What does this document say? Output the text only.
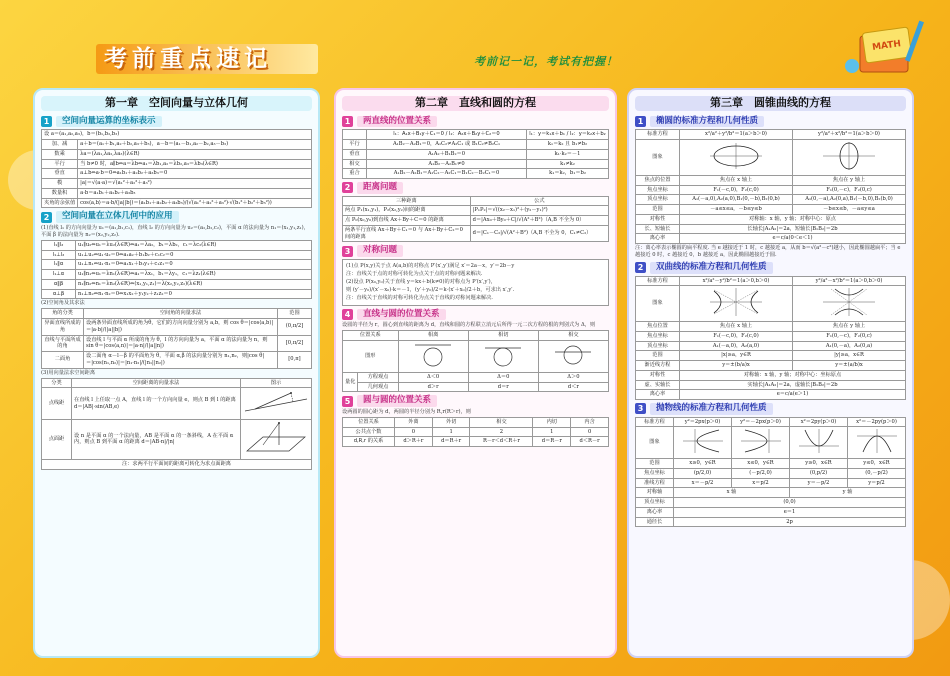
考前重点速记	考前记一记，考试有把握！
MATH
第一章　空间向量与立体几何
1	空间向量运算的坐标表示
设 a＝(a₁,a₂,a₃)，b＝(b₁,b₂,b₃)	
加、减	a＋b＝(a₁＋b₁,a₂＋b₂,a₃＋b₃)，a－b＝(a₁－b₁,a₂－b₂,a₃－b₃)
数乘	λa＝(λa₁,λa₂,λa₃)(λ∈R)
平行	当 b≠0 时，a∥b⇔a＝λb⇔a₁＝λb₁,a₂＝λb₂,a₃＝λb₃(λ∈R)
垂直	a⊥b⇔a·b＝0⇔a₁b₁＋a₂b₂＋a₃b₃＝0
模	|a|＝√(a·a)＝√(a₁²＋a₂²＋a₃²)
数量积	a·b＝a₁b₁＋a₂b₂＋a₃b₃
夹角的余弦值	cos⟨a,b⟩＝a·b/(|a||b|)＝(a₁b₁＋a₂b₂＋a₃b₃)/(√(a₁²＋a₂²＋a₃²)·√(b₁²＋b₂²＋b₃²))
2	空间向量在立体几何中的应用
(1)直线 l₁ 的方向向量为 u₁＝(a₁,b₁,c₁)，直线 l₂ 的方向向量为 u₂＝(a₂,b₂,c₂)，平面 α 的法向量为 n₁＝(x₁,y₁,z₁)，平面 β 的法向量为 n₂＝(x₂,y₂,z₂).
l₁∥l₂	u₁∥u₂⇔u₁＝λu₂(λ∈R)⇔a₁＝λa₂，b₁＝λb₂，c₁＝λc₂(λ∈R)
l₁⊥l₂	u₁⊥u₂⇔u₁·u₂＝0⇔a₁a₂＋b₁b₂＋c₁c₂＝0
l₁∥α	u₁⊥n₁⇔u₁·n₁＝0⇔a₁x₁＋b₁y₁＋c₁z₁＝0
l₁⊥α	u₁∥n₁⇔u₁＝λn₁(λ∈R)⇔a₁＝λx₁，b₁＝λy₁，c₁＝λz₁(λ∈R)
α∥β	n₁∥n₂⇔n₁＝λn₂(λ∈R)⇔(x₁,y₁,z₁)＝λ(x₂,y₂,z₂)(λ∈R)
α⊥β	n₁⊥n₂⇔n₁·n₂＝0⇔x₁x₂＋y₁y₂＋z₁z₂＝0
(2)空间角及其求法
角的分类	空间角的向量求法	范围
异面直线所成的角	设两条异面直线所成的角为θ，它们的方向向量分别为 a,b，则 cos θ＝|cos⟨a,b⟩|＝|a·b|/(|a||b|)	(0,π/2]
直线与平面所成的角	设直线 l 与平面 α 所成的角为 θ，l 的方向向量为 a，平面 α 的法向量为 n，则 sin θ＝|cos⟨a,n⟩|＝|a·n|/(|a||n|)	[0,π/2]
二面角	设二面角 α－l－β 的平面角为 θ，平面 α,β 的法向量分别为 n₁,n₂，则|cos θ|＝|cos⟨n₁,n₂⟩|＝|n₁·n₂|/(|n₁||n₂|)	[0,π]
(3)用向量法求空间距离
分类	空间距离的向量求法	图示
点线距	在直线 l 上任取一点 A，直线 l 的一个方向向量 e，则点 B 到 l 的距离 d＝|AB|·sin⟨AB,e⟩	
点面距	设 n 是平面 α 的一个法向量，AB 是平面 α 的一条斜线，A 在平面 α 内，则点 B 到平面 α 的距离 d＝|AB·n|/|n|	
注：求两平行平面间的距离可转化为求点面距离		
第二章　直线和圆的方程
1	两直线的位置关系
	l₁：A₁x＋B₁y＋C₁＝0 / l₂：A₂x＋B₂y＋C₂＝0	l₁：y＝k₁x＋b₁ / l₂：y＝k₂x＋b₂
平行	A₁B₂－A₂B₁＝0，A₁C₂≠A₂C₁ 或 B₁C₂≠B₂C₁	k₁＝k₂ 且 b₁≠b₂
垂直	A₁A₂＋B₁B₂＝0	k₁·k₂＝－1
相交	A₁B₂－A₂B₁≠0	k₁≠k₂
重合	A₁B₂－A₂B₁＝A₁C₂－A₂C₁＝B₁C₂－B₂C₁＝0	k₁＝k₂，b₁＝b₂
2	距离问题
三种距离	公式
两点 P₁(x₁,y₁)，P₂(x₂,y₂)间的距离	|P₁P₂|＝√((x₂－x₁)²＋(y₂－y₁)²)
点 P₀(x₀,y₀)到直线 Ax＋By＋C＝0 的距离	d＝|Ax₀＋By₀＋C|/√(A²＋B²)（A,B 不全为 0）
两条平行直线 Ax＋By＋C₁＝0 与 Ax＋By＋C₂＝0 间的距离	d＝|C₁－C₂|/√(A²＋B²)（A,B 不全为 0，C₁≠C₂）
3	对称问题
(1)点 P(x,y)关于点 A(a,b)的对称点 P′(x′,y′)满足 x′＝2a－x，y′＝2b－y
注：直线关于点的对称可转化为点关于点的对称问题来解决.
(2)设点 P(x₀,y₀)关于直线 y＝kx＋b(k≠0)的对称点为 P′(x′,y′)，
则 (y′－y₀)/(x′－x₀)·k＝－1，(y′＋y₀)/2＝k·(x′＋x₀)/2＋b，可求出 x′,y′.
注：直线关于直线的对称可转化为点关于直线的对称问题来解决.
4	直线与圆的位置关系
设圆的半径为 r，圆心到直线的距离为 d，直线和圆的方程联立消元后所得一元二次方程的根的判别式为 Δ，则
位置关系		相离	相切	相交
图形			
量化	方程观点	Δ＜0	Δ＝0	Δ＞0
	几何观点	d＞r	d＝r	d＜r
5	圆与圆的位置关系
设两圆的圆心距为 d，两圆的半径分别为 R,r(R＞r)，则
位置关系	外离	外切	相交	内切	内含
公共点个数	0	1	2	1	0
d,R,r 的关系	d＞R＋r	d＝R＋r	R－r＜d＜R＋r	d＝R－r	d＜R－r
第三章　圆锥曲线的方程
1	椭圆的标准方程和几何性质
标准方程	x²/a²＋y²/b²＝1(a＞b＞0)	y²/a²＋x²/b²＝1(a＞b＞0)
图象		
焦点的位置	焦点在 x 轴上	焦点在 y 轴上
焦点坐标	F₁(－c,0)，F₂(c,0)	F₁(0,－c)，F₂(0,c)
顶点坐标	A₁(－a,0),A₂(a,0),B₁(0,－b),B₂(0,b)	A₁(0,－a),A₂(0,a),B₁(－b,0),B₂(b,0)
范围	－a≤x≤a，－b≤y≤b	－b≤x≤b，－a≤y≤a
对称性	对称轴：x 轴，y 轴；对称中心：原点	
长、短轴长	长轴长|A₁A₂|＝2a，短轴长|B₁B₂|＝2b	
离心率	e＝c/a(0＜e＜1)	
注：离心率表示椭圆的扁平程度. 当 e 越接近于 1 时，c 越接近 a，从而 b＝√(a²－c²)越小，因此椭圆越扁平；当 e 越接近 0 时，c 越接近 0，b 越接近 a，因此椭圆越接近于圆.
2	双曲线的标准方程和几何性质
标准方程	x²/a²－y²/b²＝1(a＞0,b＞0)	y²/a²－x²/b²＝1(a＞0,b＞0)
图象		
焦点位置	焦点在 x 轴上	焦点在 y 轴上
焦点坐标	F₁(－c,0)，F₂(c,0)	F₁(0,－c)，F₂(0,c)
顶点坐标	A₁(－a,0)，A₂(a,0)	A₁(0,－a)，A₂(0,a)
范围	|x|≥a，y∈R	|y|≥a，x∈R
渐近线方程	y＝±(b/a)x	y＝±(a/b)x
对称性	对称轴：x 轴，y 轴；对称中心：坐标原点	
虚、实轴长	实轴长|A₁A₂|＝2a，虚轴长|B₁B₂|＝2b	
离心率	e＝c/a(e＞1)	
3	抛物线的标准方程和几何性质
标准方程	y²＝2px(p＞0)	y²＝－2px(p＞0)	x²＝2py(p＞0)	x²＝－2py(p＞0)
图象				
范围	x≥0，y∈R	x≤0，y∈R	y≥0，x∈R	y≤0，x∈R
焦点坐标	(p/2,0)	(－p/2,0)	(0,p/2)	(0,－p/2)
准线方程	x＝－p/2	x＝p/2	y＝－p/2	y＝p/2
对称轴	x 轴		y 轴	
顶点坐标	(0,0)			
离心率	e＝1			
通径长	2p			
